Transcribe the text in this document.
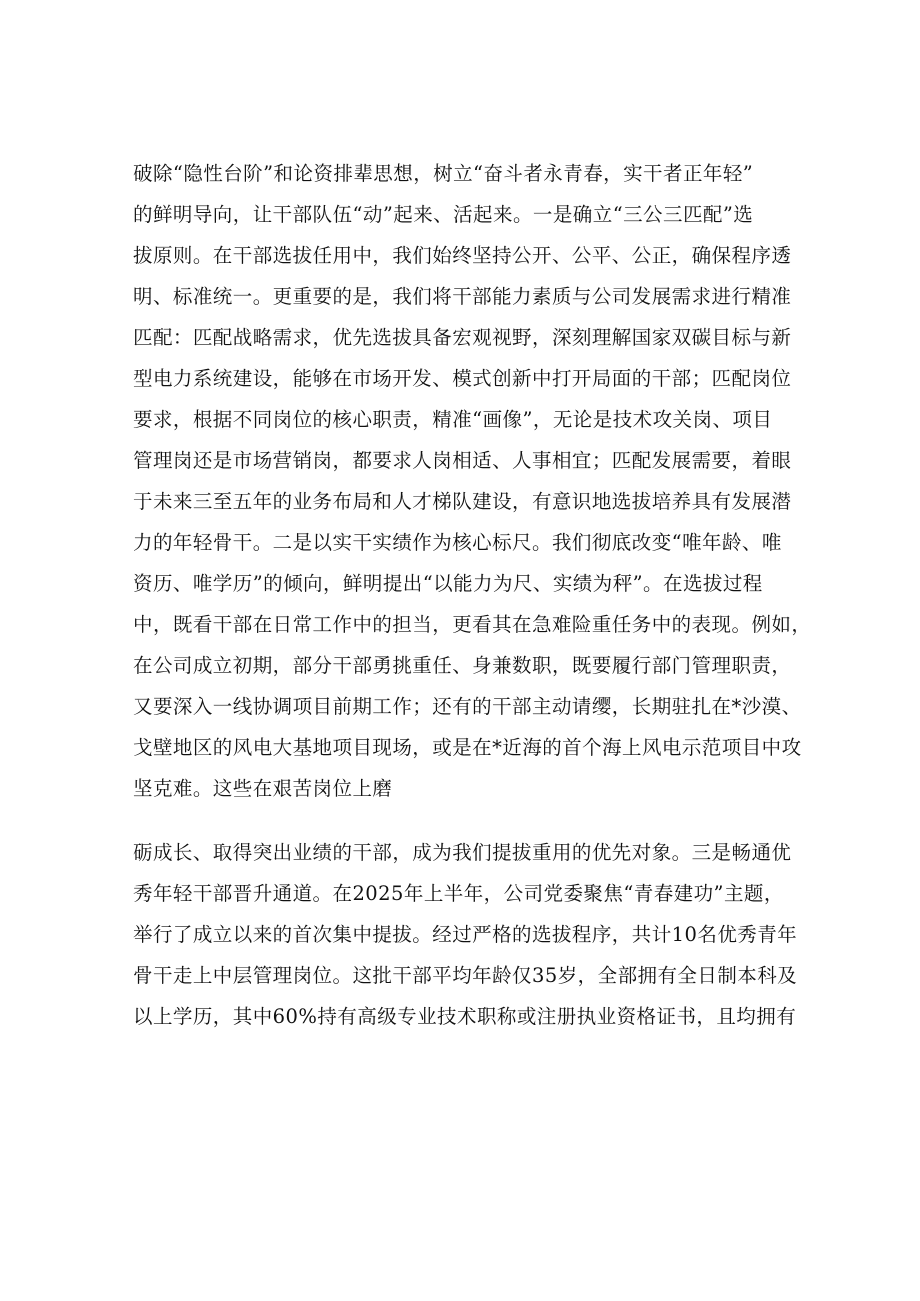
破除“隐性台阶”和论资排辈思想，树立“奋斗者永青春，实干者正年轻”
的鲜明导向，让干部队伍“动”起来、活起来。一是确立“三公三匹配”选
拔原则。在干部选拔任用中，我们始终坚持公开、公平、公正，确保程序透
明、标准统一。更重要的是，我们将干部能力素质与公司发展需求进行精准
匹配：匹配战略需求，优先选拔具备宏观视野，深刻理解国家双碳目标与新
型电力系统建设，能够在市场开发、模式创新中打开局面的干部；匹配岗位
要求，根据不同岗位的核心职责，精准“画像”，无论是技术攻关岗、项目
管理岗还是市场营销岗，都要求人岗相适、人事相宜；匹配发展需要，着眼
于未来三至五年的业务布局和人才梯队建设，有意识地选拔培养具有发展潜
力的年轻骨干。二是以实干实绩作为核心标尺。我们彻底改变“唯年龄、唯
资历、唯学历”的倾向，鲜明提出“以能力为尺、实绩为秤”。在选拔过程
中，既看干部在日常工作中的担当，更看其在急难险重任务中的表现。例如，
在公司成立初期，部分干部勇挑重任、身兼数职，既要履行部门管理职责，
又要深入一线协调项目前期工作；还有的干部主动请缨，长期驻扎在*沙漠、
戈壁地区的风电大基地项目现场，或是在*近海的首个海上风电示范项目中攻
坚克难。这些在艰苦岗位上磨
砺成长、取得突出业绩的干部，成为我们提拔重用的优先对象。三是畅通优
秀年轻干部晋升通道。在2025年上半年，公司党委聚焦“青春建功”主题，
举行了成立以来的首次集中提拔。经过严格的选拔程序，共计10名优秀青年
骨干走上中层管理岗位。这批干部平均年龄仅35岁，全部拥有全日制本科及
以上学历，其中60%持有高级专业技术职称或注册执业资格证书，且均拥有
